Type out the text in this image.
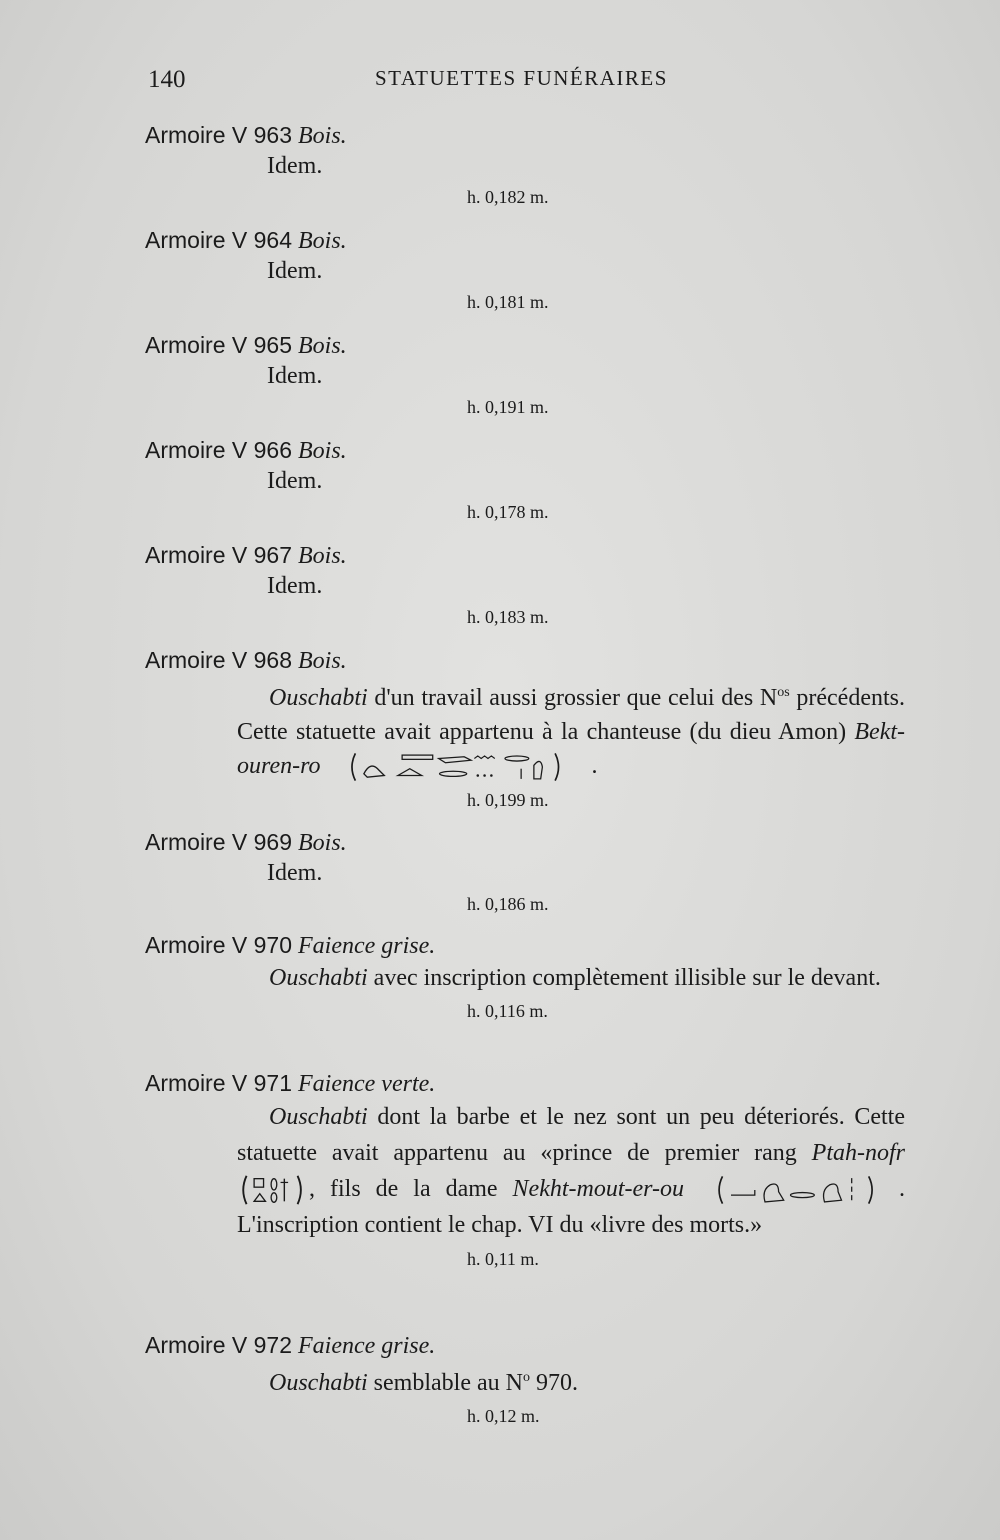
140	STATUETTES FUNÉRAIRES
Armoire V 963 Bois.
Idem.
h. 0,182 m.
Armoire V 964 Bois.
Idem.
h. 0,181 m.
Armoire V 965 Bois.
Idem.
h. 0,191 m.
Armoire V 966 Bois.
Idem.
h. 0,178 m.
Armoire V 967 Bois.
Idem.
h. 0,183 m.
Armoire V 968 Bois.

Ouschabti d'un travail aussi grossier que celui des $N^{os}$ précédents. Cette statuette avait appartenu à la chanteuse (du dieu Amon) Bekt-ouren-ro	.

h. 0,199 m.
Armoire V 969 Bois.
Idem.
h. 0,186 m.
Armoire V 970 Faience grise.

Ouschabti avec inscription complètement illisible sur le devant.

h. 0,116 m.
Armoire V 971 Faience verte.

Ouschabti dont la barbe et le nez sont un peu déteriorés. Cette statuette avait appartenu au «prince de premier rang Ptah-nofr , fils de la dame Nekht-mout-er-ou	. L'inscription contient le chap. VI du «livre des morts.»

h. 0,11 m.
Armoire V 972 Faience grise.

Ouschabti semblable au $N^o$ 970.

h. 0,12 m.
